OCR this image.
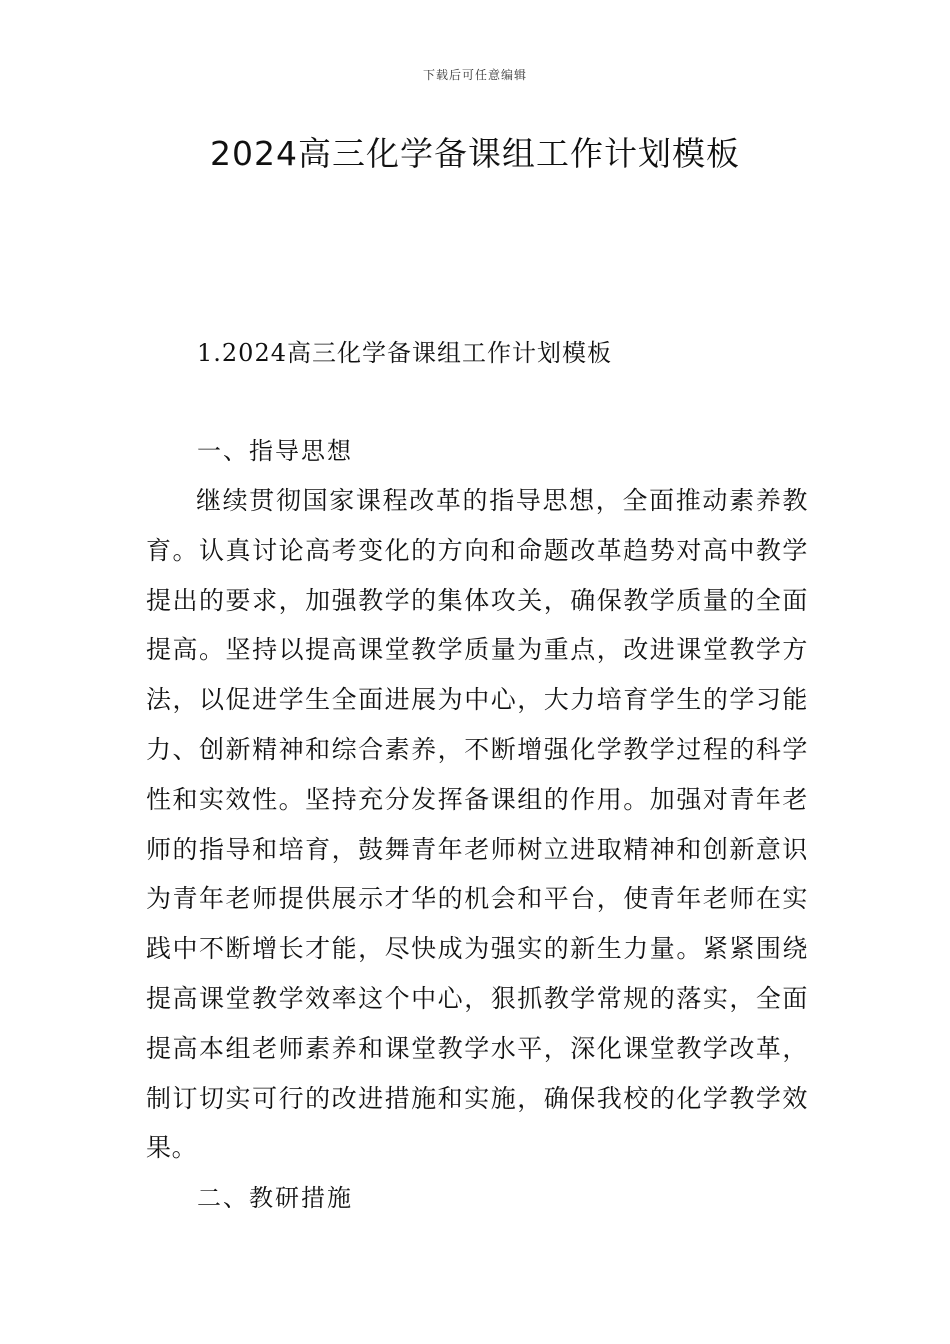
下载后可任意编辑
2024高三化学备课组工作计划模板
1.2024高三化学备课组工作计划模板
一、指导思想

继续贯彻国家课程改革的指导思想，全面推动素养教育。认真讨论高考变化的方向和命题改革趋势对高中教学提出的要求，加强教学的集体攻关，确保教学质量的全面提高。坚持以提高课堂教学质量为重点，改进课堂教学方法，以促进学生全面进展为中心，大力培育学生的学习能力、创新精神和综合素养，不断增强化学教学过程的科学性和实效性。坚持充分发挥备课组的作用。加强对青年老师的指导和培育，鼓舞青年老师树立进取精神和创新意识为青年老师提供展示才华的机会和平台，使青年老师在实践中不断增长才能，尽快成为强实的新生力量。紧紧围绕提高课堂教学效率这个中心，狠抓教学常规的落实，全面提高本组老师素养和课堂教学水平，深化课堂教学改革，制订切实可行的改进措施和实施，确保我校的化学教学效果。

二、教研措施
